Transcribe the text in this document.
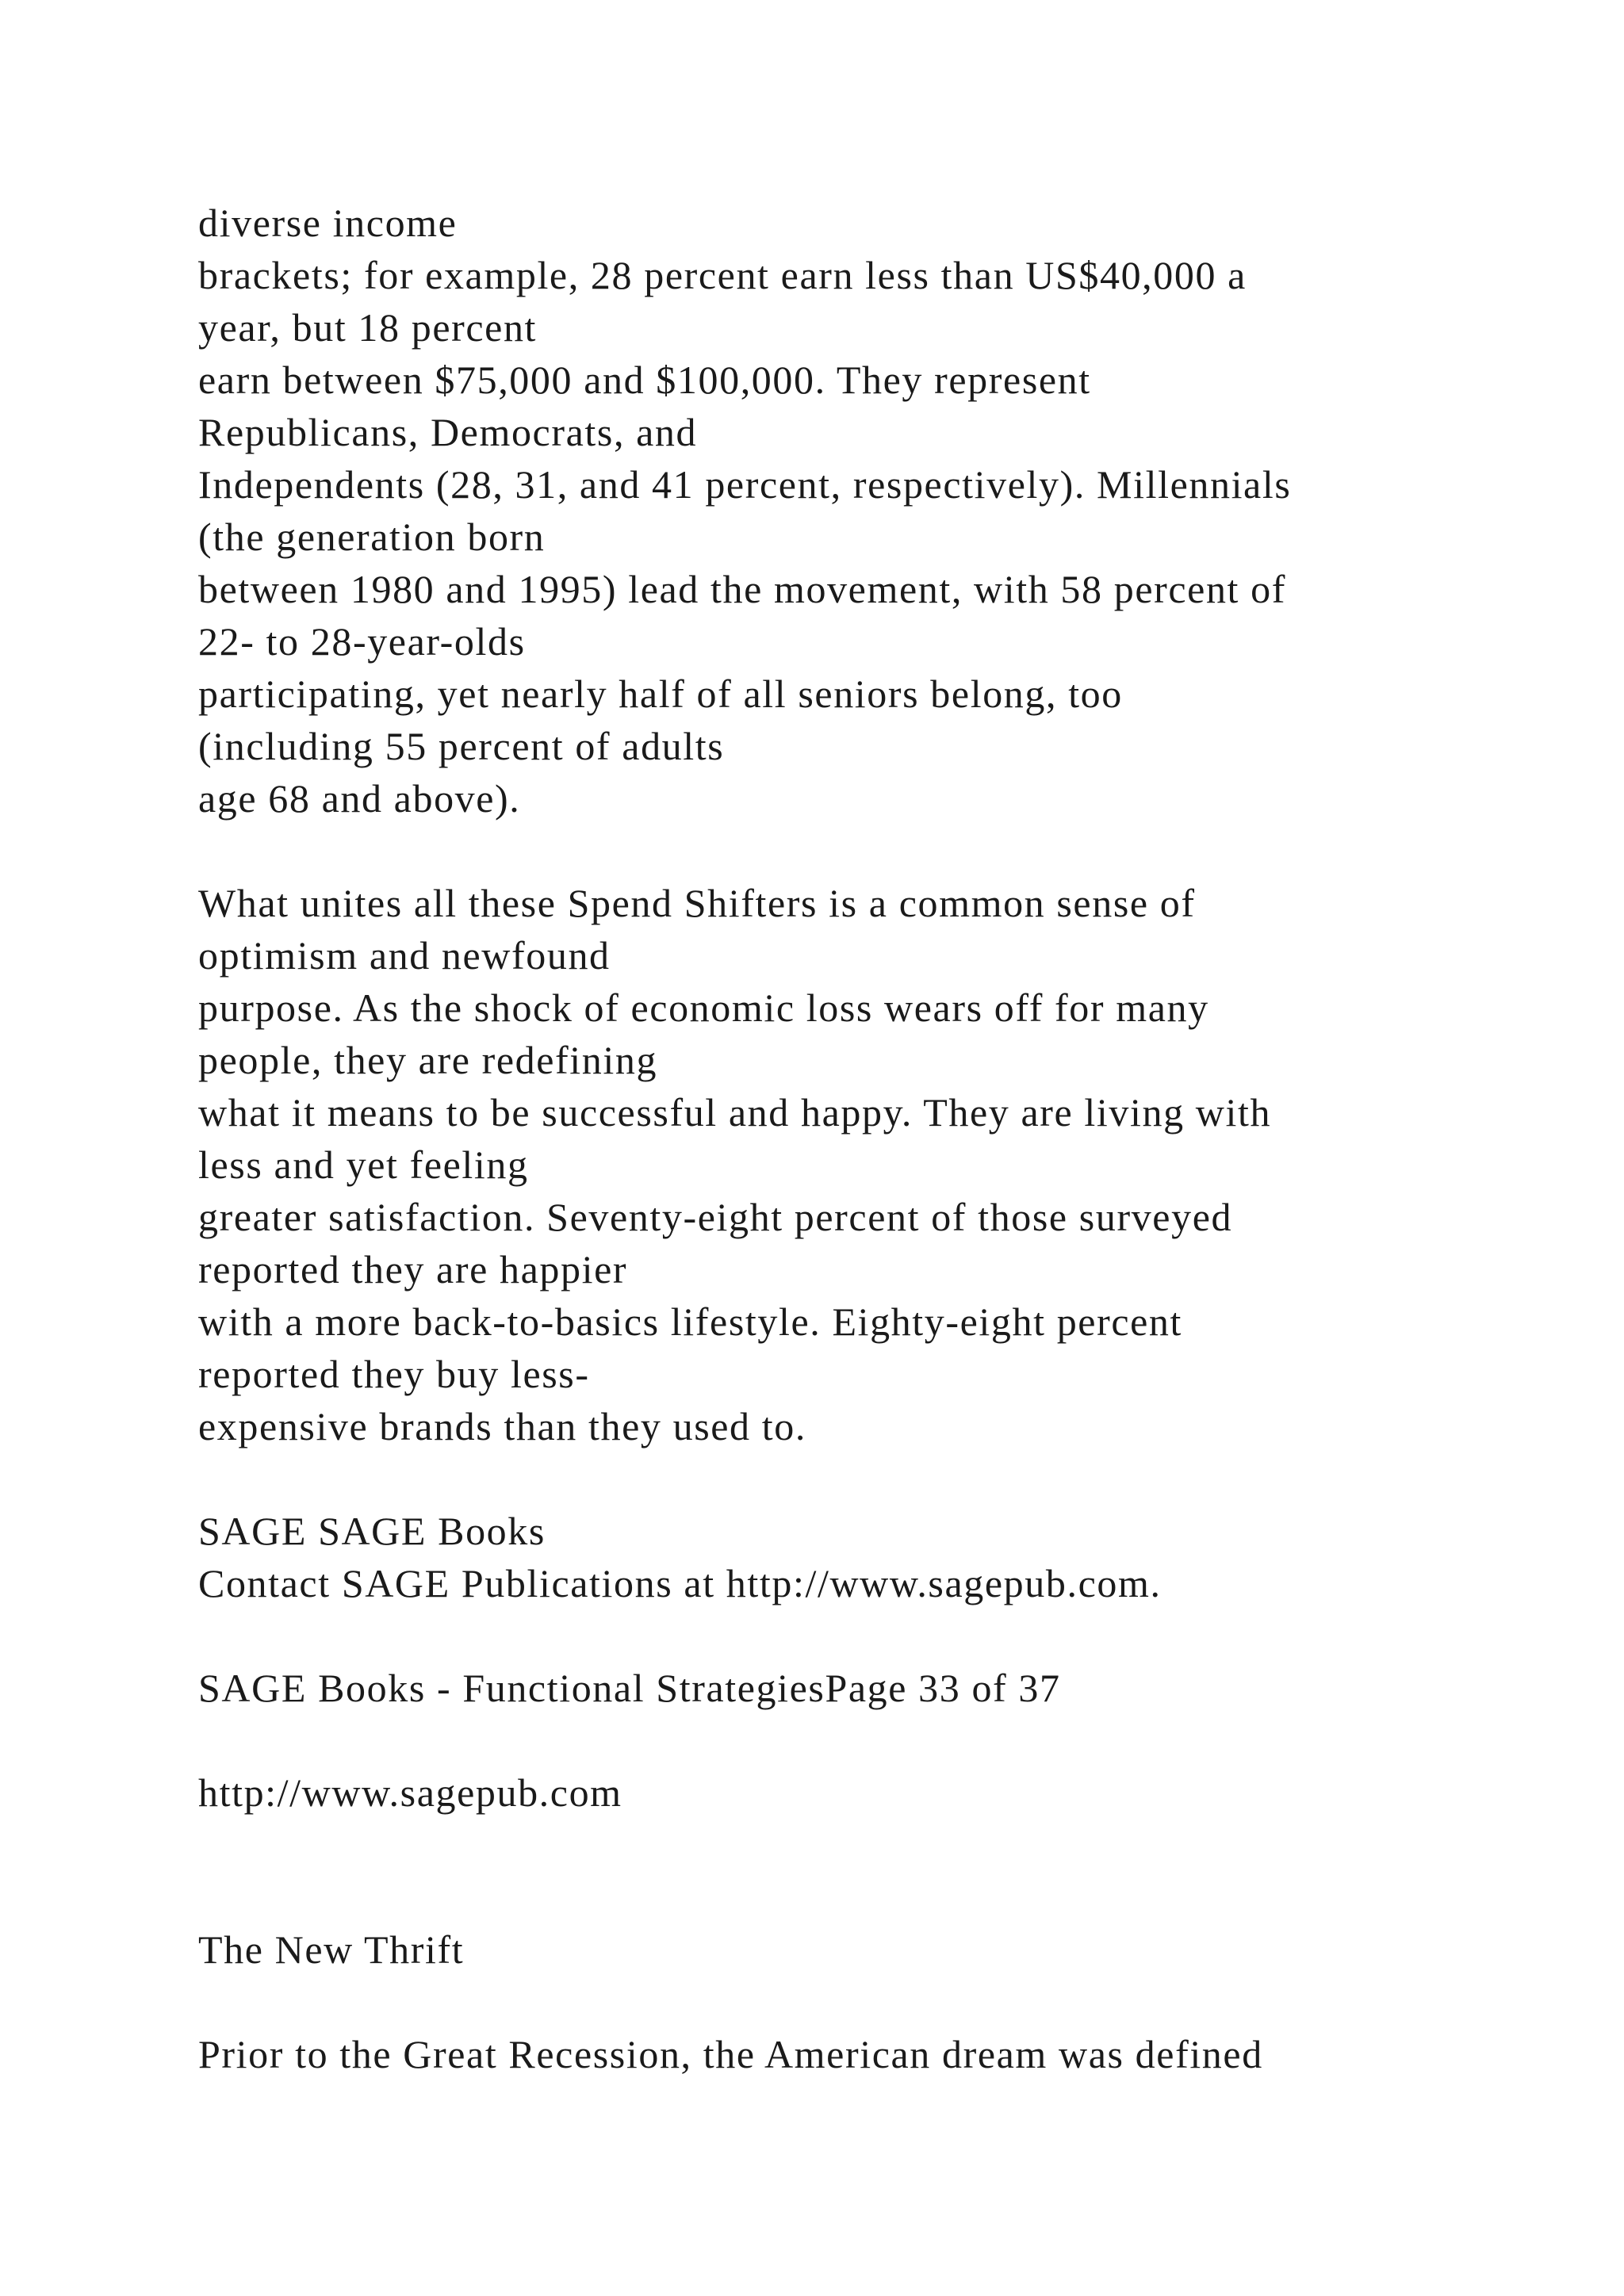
diverse income
brackets; for example, 28 percent earn less than US$40,000 a
year, but 18 percent
earn between $75,000 and $100,000. They represent
Republicans, Democrats, and
Independents (28, 31, and 41 percent, respectively). Millennials
(the generation born
between 1980 and 1995) lead the movement, with 58 percent of
22- to 28-year-olds
participating, yet nearly half of all seniors belong, too
(including 55 percent of adults
age 68 and above).
What unites all these Spend Shifters is a common sense of
optimism and newfound
purpose. As the shock of economic loss wears off for many
people, they are redefining
what it means to be successful and happy. They are living with
less and yet feeling
greater satisfaction. Seventy-eight percent of those surveyed
reported they are happier
with a more back-to-basics lifestyle. Eighty-eight percent
reported they buy less-
expensive brands than they used to.
SAGE SAGE Books
Contact SAGE Publications at http://www.sagepub.com.
SAGE Books - Functional StrategiesPage 33 of 37
http://www.sagepub.com
The New Thrift
Prior to the Great Recession, the American dream was defined
